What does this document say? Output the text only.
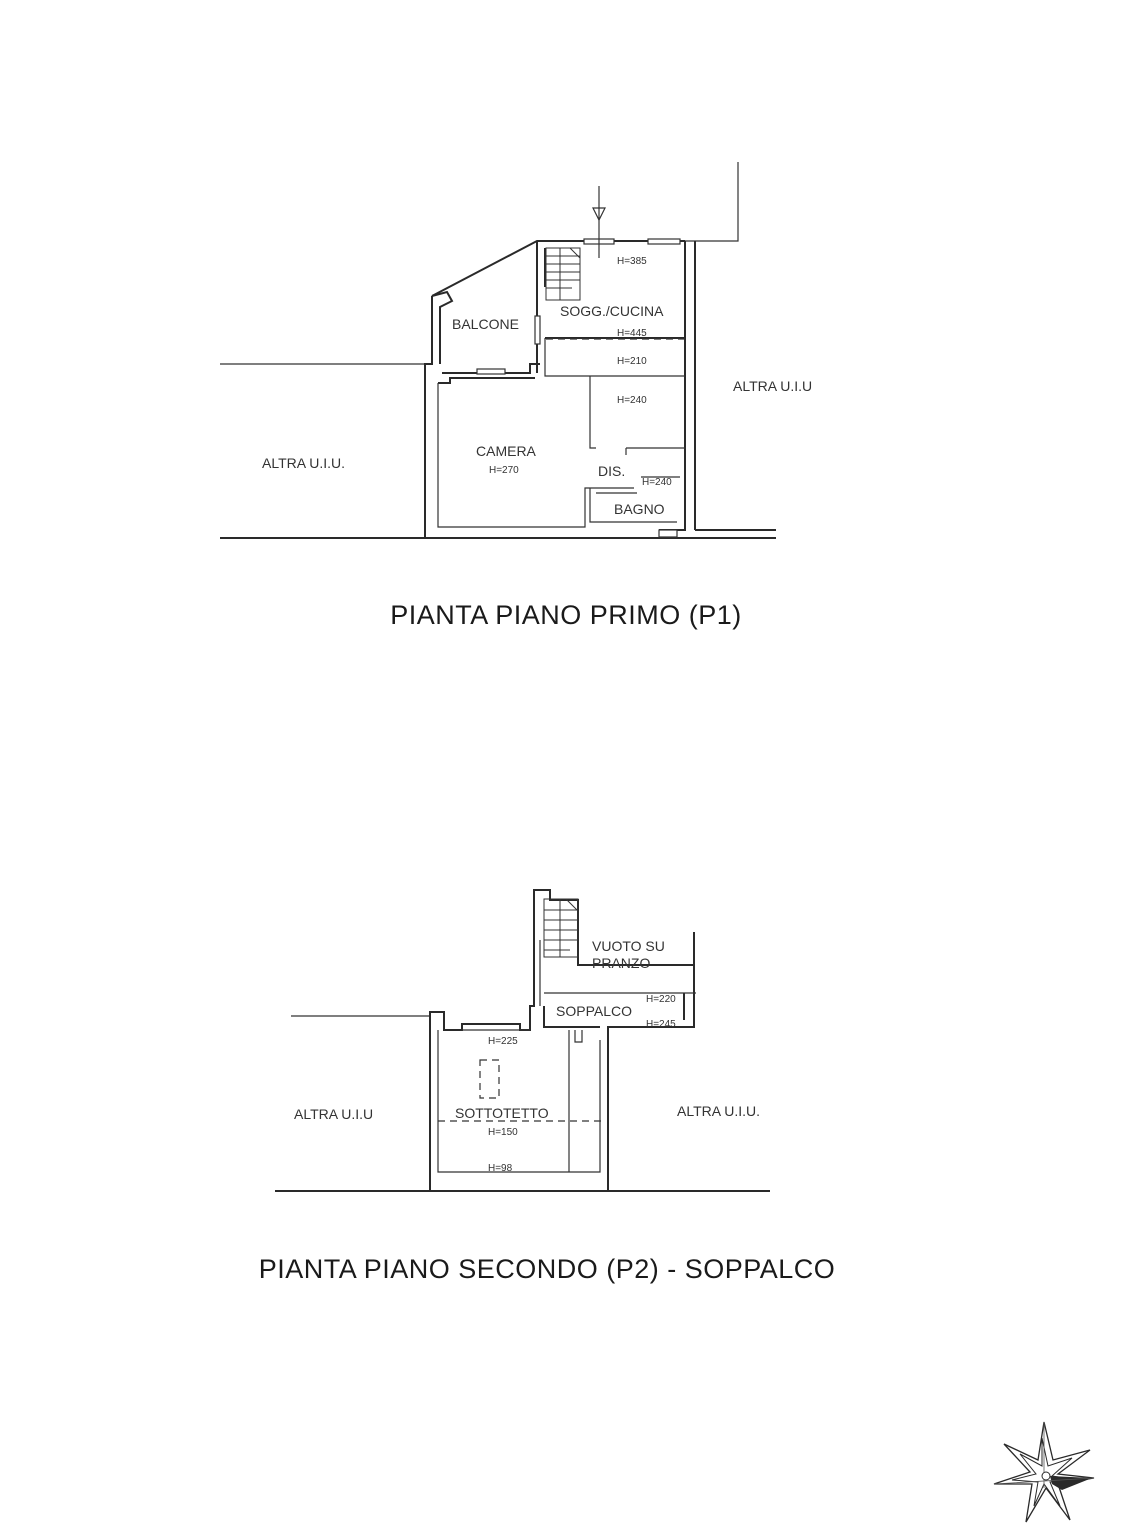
BALCONE
SOGG./CUCINA
CAMERA
DIS.
BAGNO
ALTRA U.I.U.
ALTRA U.I.U
H=385
H=445
H=210
H=240
H=270
H=240
PIANTA PIANO PRIMO (P1)
VUOTO SU
PRANZO
SOPPALCO
SOTTOTETTO
ALTRA U.I.U	ALTRA U.I.U.
H=220
H=245
H=225
H=150
H=98
PIANTA PIANO SECONDO (P2) - SOPPALCO
